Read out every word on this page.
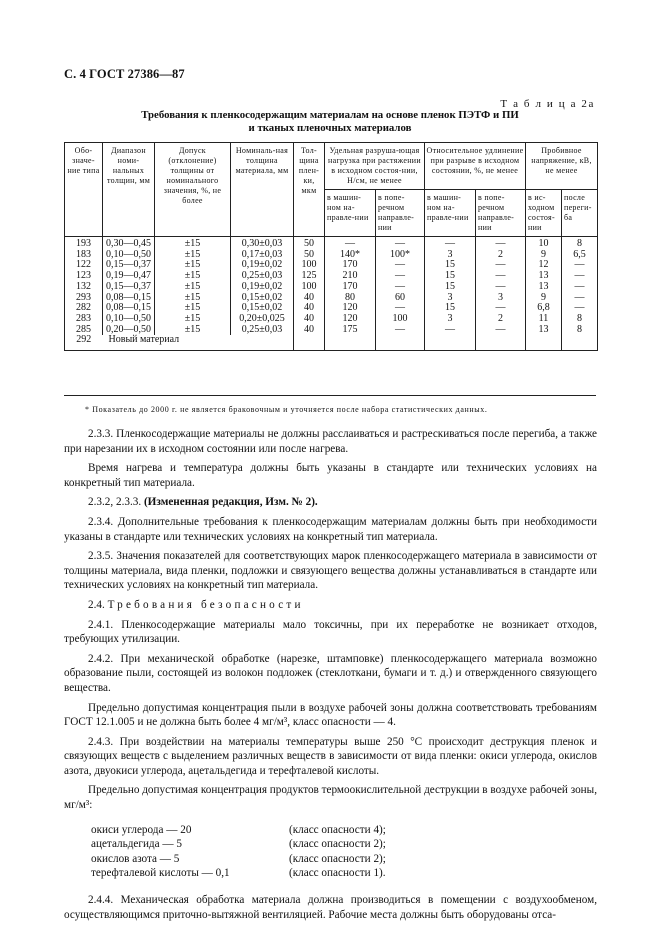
С. 4 ГОСТ 27386—87
Т а б л и ц а 2а
Требования к пленкосодержащим материалам на основе пленок ПЭТФ и ПИ
и тканых пленочных материалов
Обо-значе-ние типа	Диапазон номи-нальных толщин, мм	Допуск (отклонение) толщины от номинального значения, %, не более	Номиналь-ная толщина материала, мм	Тол-щина плен-ки, мкм	Удельная разруша-ющая нагрузка при растяжении в исходном состоя-нии, Н/см, не менее		Относительное удлинение при разрыве в исходном состоянии, %, не менее		Пробивное напряжение, кВ, не менее	
					в машин-ном на-правле-нии	в попе-речном направле-нии	в машин-ном на-правле-нии	в попе-речном направле-нии	в ис-ходном состоя-нии	после переги-ба
193	0,30—0,45	±15	0,30±0,03	50	—	—	—	—	10	8
183	0,10—0,50	±15	0,17±0,03	50	140*	100*	3	2	9	6,5
122	0,15—0,37	±15	0,19±0,02	100	170	—	15	—	12	—
123	0,19—0,47	±15	0,25±0,03	125	210	—	15	—	13	—
132	0,15—0,37	±15	0,19±0,02	100	170	—	15	—	13	—
293	0,08—0,15	±15	0,15±0,02	40	80	60	3	3	9	—
282	0,08—0,15	±15	0,15±0,02	40	120	—	15	—	6,8	—
283	0,10—0,50	±15	0,20±0,025	40	120	100	3	2	11	8
285	0,20—0,50	±15	0,25±0,03	40	175	—	—	—	13	8
292	Новый материал									
* Показатель до 2000 г. не является браковочным и уточняется после набора статистических данных.

2.3.3. Пленкосодержащие материалы не должны расслаиваться и растрескиваться после перегиба, а также при нарезании их в исходном состоянии или после нагрева.

Время нагрева и температура должны быть указаны в стандарте или технических условиях на конкретный тип материала.

2.3.2, 2.3.3. (Измененная редакция, Изм. № 2).

2.3.4. Дополнительные требования к пленкосодержащим материалам должны быть при необходимости указаны в стандарте или технических условиях на конкретный тип материала.

2.3.5. Значения показателей для соответствующих марок пленкосодержащего материала в зависимости от толщины материала, вида пленки, подложки и связующего вещества должны устанавливаться в стандарте или технических условиях на конкретный тип материала.

2.4. Требования безопасности

2.4.1. Пленкосодержащие материалы мало токсичны, при их переработке не возникает отходов, требующих утилизации.

2.4.2. При механической обработке (нарезке, штамповке) пленкосодержащего материала возможно образование пыли, состоящей из волокон подложек (стеклоткани, бумаги и т. д.) и отвержденного связующего вещества.

Предельно допустимая концентрация пыли в воздухе рабочей зоны должна соответствовать требованиям ГОСТ 12.1.005 и не должна быть более 4 мг/м³, класс опасности — 4.

2.4.3. При воздействии на материалы температуры выше 250 °С происходит деструкция пленок и связующих веществ с выделением различных веществ в зависимости от вида пленки: окиси углерода, окислов азота, двуокиси углерода, ацетальдегида и терефталевой кислоты.

Предельно допустимая концентрация продуктов термоокислительной деструкции в воздухе рабочей зоны, мг/м³:

окиси углерода — 20	(класс опасности 4);
ацетальдегида — 5	(класс опасности 2);
окислов азота — 5	(класс опасности 2);
терефталевой кислоты — 0,1	(класс опасности 1).

2.4.4. Механическая обработка материала должна производиться в помещении с воздухообменом, осуществляющимся приточно-вытяжной вентиляцией. Рабочие места должны быть оборудованы отса-
